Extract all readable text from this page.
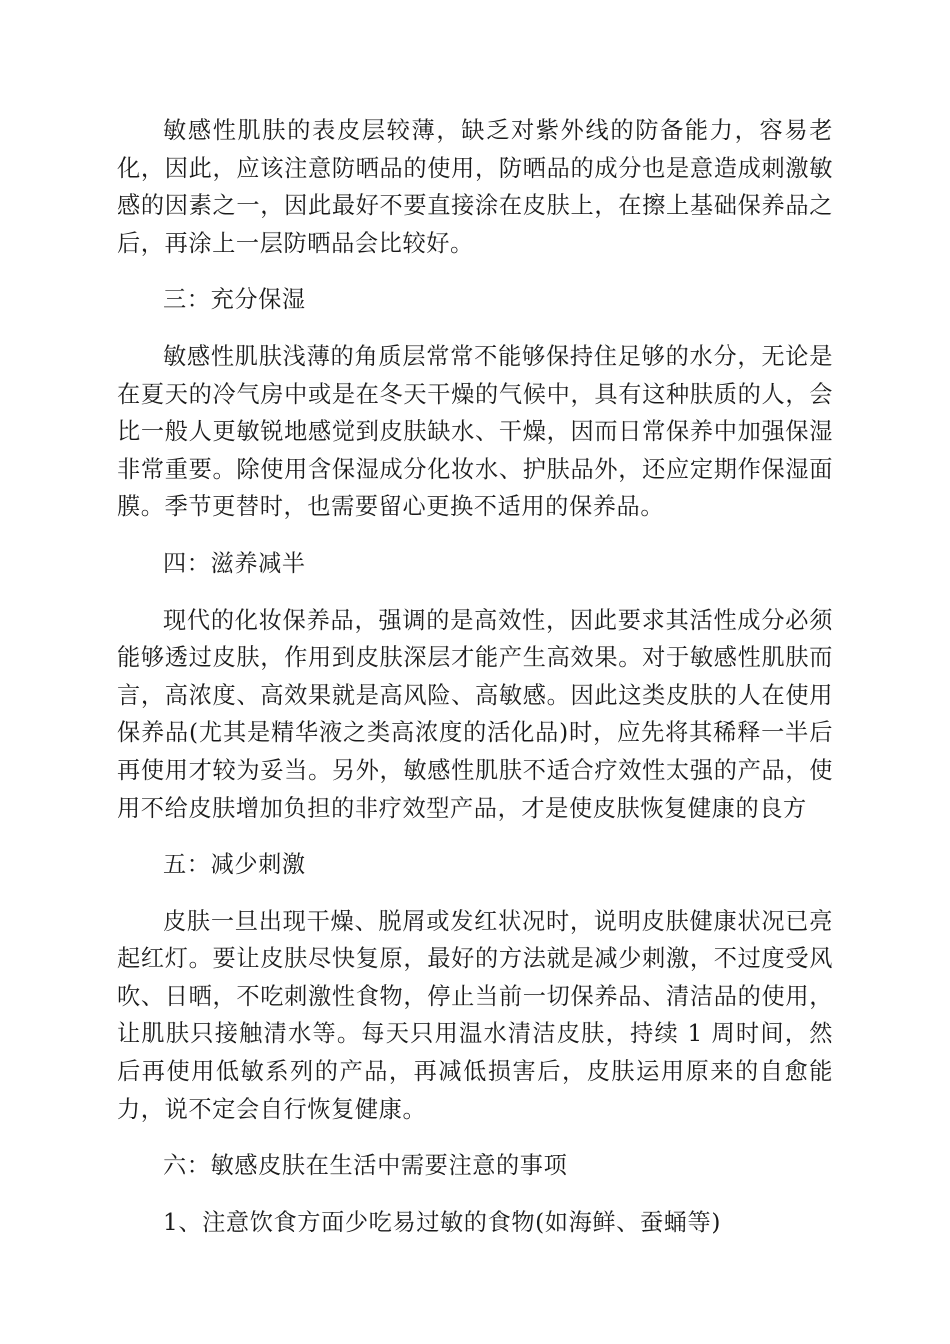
敏感性肌肤的表皮层较薄，缺乏对紫外线的防备能力，容易老化，因此，应该注意防晒品的使用，防晒品的成分也是意造成刺激敏感的因素之一，因此最好不要直接涂在皮肤上，在擦上基础保养品之后，再涂上一层防晒品会比较好。

三：充分保湿

敏感性肌肤浅薄的角质层常常不能够保持住足够的水分，无论是在夏天的冷气房中或是在冬天干燥的气候中，具有这种肤质的人，会比一般人更敏锐地感觉到皮肤缺水、干燥，因而日常保养中加强保湿非常重要。除使用含保湿成分化妆水、护肤品外，还应定期作保湿面膜。季节更替时，也需要留心更换不适用的保养品。

四：滋养减半

现代的化妆保养品，强调的是高效性，因此要求其活性成分必须能够透过皮肤，作用到皮肤深层才能产生高效果。对于敏感性肌肤而言，高浓度、高效果就是高风险、高敏感。因此这类皮肤的人在使用保养品(尤其是精华液之类高浓度的活化品)时，应先将其稀释一半后再使用才较为妥当。另外，敏感性肌肤不适合疗效性太强的产品，使用不给皮肤增加负担的非疗效型产品，才是使皮肤恢复健康的良方

五：减少刺激

皮肤一旦出现干燥、脱屑或发红状况时，说明皮肤健康状况已亮起红灯。要让皮肤尽快复原，最好的方法就是减少刺激，不过度受风吹、日晒，不吃刺激性食物，停止当前一切保养品、清洁品的使用，让肌肤只接触清水等。每天只用温水清洁皮肤，持续 1 周时间，然后再使用低敏系列的产品，再减低损害后，皮肤运用原来的自愈能力，说不定会自行恢复健康。

六：敏感皮肤在生活中需要注意的事项

1、注意饮食方面少吃易过敏的食物(如海鲜、蚕蛹等)
